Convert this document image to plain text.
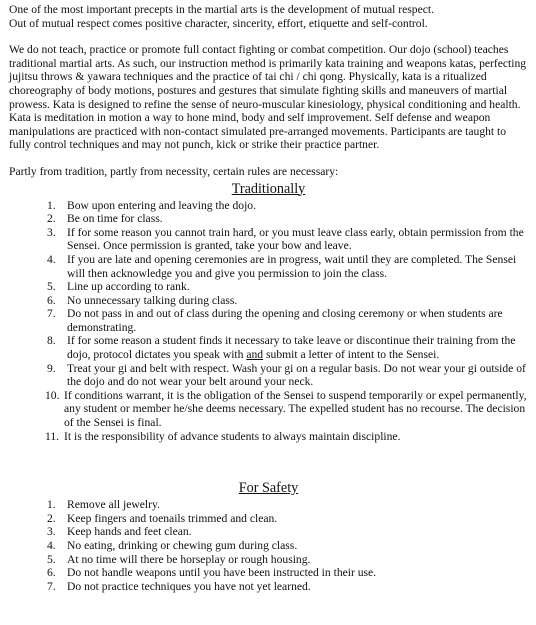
One of the most important precepts in the martial arts is the development of mutual respect.

Out of mutual respect comes positive character, sincerity, effort, etiquette and self-control.

We do not teach, practice or promote full contact fighting or combat competition. Our dojo (school) teaches traditional martial arts. As such, our instruction method is primarily kata training and weapons katas, perfecting jujitsu throws & yawara techniques and the practice of tai chi / chi qong. Physically, kata is a ritualized choreography of body motions, postures and gestures that simulate fighting skills and maneuvers of martial prowess. Kata is designed to refine the sense of neuro-muscular kinesiology, physical conditioning and health. Kata is meditation in motion a way to hone mind, body and self improvement. Self defense and weapon manipulations are practiced with non-contact simulated pre-arranged movements. Participants are taught to fully control techniques and may not punch, kick or strike their practice partner.

Partly from tradition, partly from necessity, certain rules are necessary:

Traditionally
1. Bow upon entering and leaving the dojo.
2. Be on time for class.
3. If for some reason you cannot train hard, or you must leave class early, obtain permission from the Sensei. Once permission is granted, take your bow and leave.
4. If you are late and opening ceremonies are in progress, wait until they are completed. The Sensei will then acknowledge you and give you permission to join the class.
5. Line up according to rank.
6. No unnecessary talking during class.
7. Do not pass in and out of class during the opening and closing ceremony or when students are demonstrating.
8. If for some reason a student finds it necessary to take leave or discontinue their training from the dojo, protocol dictates you speak with and submit a letter of intent to the Sensei.
9. Treat your gi and belt with respect. Wash your gi on a regular basis. Do not wear your gi outside of the dojo and do not wear your belt around your neck.
10. If conditions warrant, it is the obligation of the Sensei to suspend temporarily or expel permanently, any student or member he/she deems necessary. The expelled student has no recourse. The decision of the Sensei is final.
11. It is the responsibility of advance students to always maintain discipline.
For Safety
1. Remove all jewelry.
2. Keep fingers and toenails trimmed and clean.
3. Keep hands and feet clean.
4. No eating, drinking or chewing gum during class.
5. At no time will there be horseplay or rough housing.
6. Do not handle weapons until you have been instructed in their use.
7. Do not practice techniques you have not yet learned.
